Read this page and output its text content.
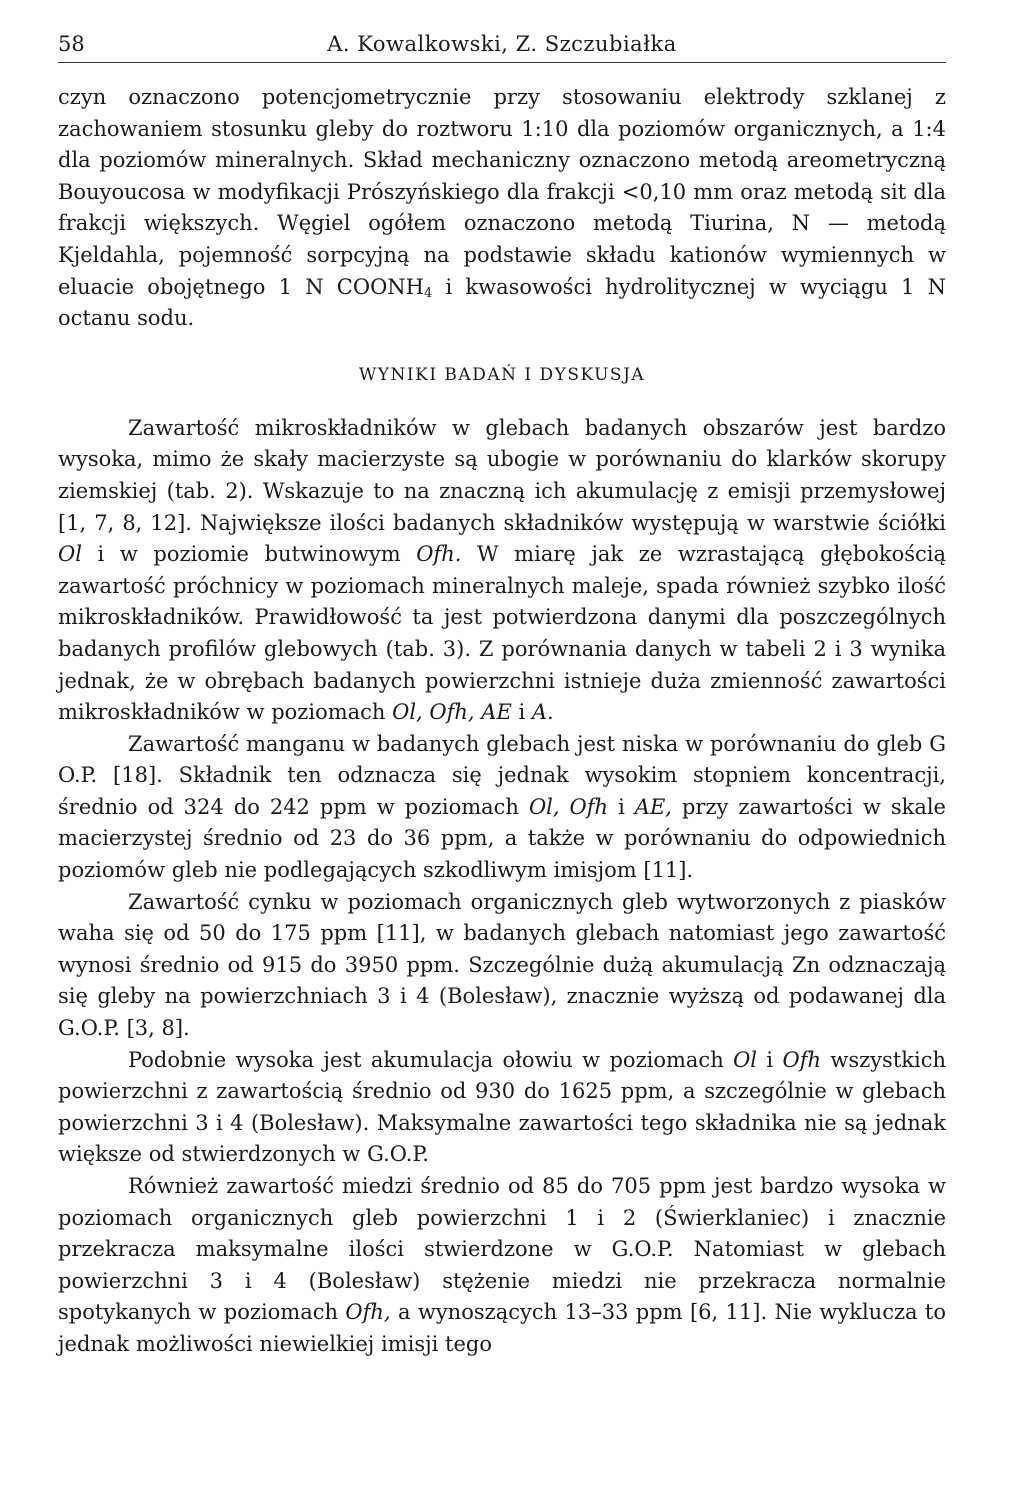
58	A. Kowalkowski, Z. Szczubiałka

czyn oznaczono potencjometrycznie przy stosowaniu elektrody szklanej z zachowaniem stosunku gleby do roztworu 1:10 dla poziomów organicznych, a 1:4 dla poziomów mineralnych. Skład mechaniczny oznaczono metodą areometryczną Bouyoucosa w modyfikacji Prószyńskiego dla frakcji <0,10 mm oraz metodą sit dla frakcji większych. Węgiel ogółem oznaczono metodą Tiurina, N — metodą Kjeldahla, pojemność sorpcyjną na podstawie składu kationów wymiennych w eluacie obojętnego 1 N $COONH_4$ i kwasowości hydrolitycznej w wyciągu 1 N octanu sodu.

WYNIKI BADAŃ I DYSKUSJA

Zawartość mikroskładników w glebach badanych obszarów jest bardzo wysoka, mimo że skały macierzyste są ubogie w porównaniu do klarków skorupy ziemskiej (tab. 2). Wskazuje to na znaczną ich akumulację z emisji przemysłowej [1, 7, 8, 12]. Największe ilości badanych składników występują w warstwie ściółki Ol i w poziomie butwinowym Ofh. W miarę jak ze wzrastającą głębokością zawartość próchnicy w poziomach mineralnych maleje, spada również szybko ilość mikroskładników. Prawidłowość ta jest potwierdzona danymi dla poszczególnych badanych profilów glebowych (tab. 3). Z porównania danych w tabeli 2 i 3 wynika jednak, że w obrębach badanych powierzchni istnieje duża zmienność zawartości mikroskładników w poziomach Ol, Ofh, AE i A.

Zawartość manganu w badanych glebach jest niska w porównaniu do gleb G O.P. [18]. Składnik ten odznacza się jednak wysokim stopniem koncentracji, średnio od 324 do 242 ppm w poziomach Ol, Ofh i AE, przy zawartości w skale macierzystej średnio od 23 do 36 ppm, a także w porównaniu do odpowiednich poziomów gleb nie podlegających szkodliwym imisjom [11].

Zawartość cynku w poziomach organicznych gleb wytworzonych z piasków waha się od 50 do 175 ppm [11], w badanych glebach natomiast jego zawartość wynosi średnio od 915 do 3950 ppm. Szczególnie dużą akumulacją Zn odznaczają się gleby na powierzchniach 3 i 4 (Bolesław), znacznie wyższą od podawanej dla G.O.P. [3, 8].

Podobnie wysoka jest akumulacja ołowiu w poziomach Ol i Ofh wszystkich powierzchni z zawartością średnio od 930 do 1625 ppm, a szczególnie w glebach powierzchni 3 i 4 (Bolesław). Maksymalne zawartości tego składnika nie są jednak większe od stwierdzonych w G.O.P.

Również zawartość miedzi średnio od 85 do 705 ppm jest bardzo wysoka w poziomach organicznych gleb powierzchni 1 i 2 (Świerklaniec) i znacznie przekracza maksymalne ilości stwierdzone w G.O.P. Natomiast w glebach powierzchni 3 i 4 (Bolesław) stężenie miedzi nie przekracza normalnie spotykanych w poziomach Ofh, a wynoszących 13–33 ppm [6, 11]. Nie wyklucza to jednak możliwości niewielkiej imisji tego
